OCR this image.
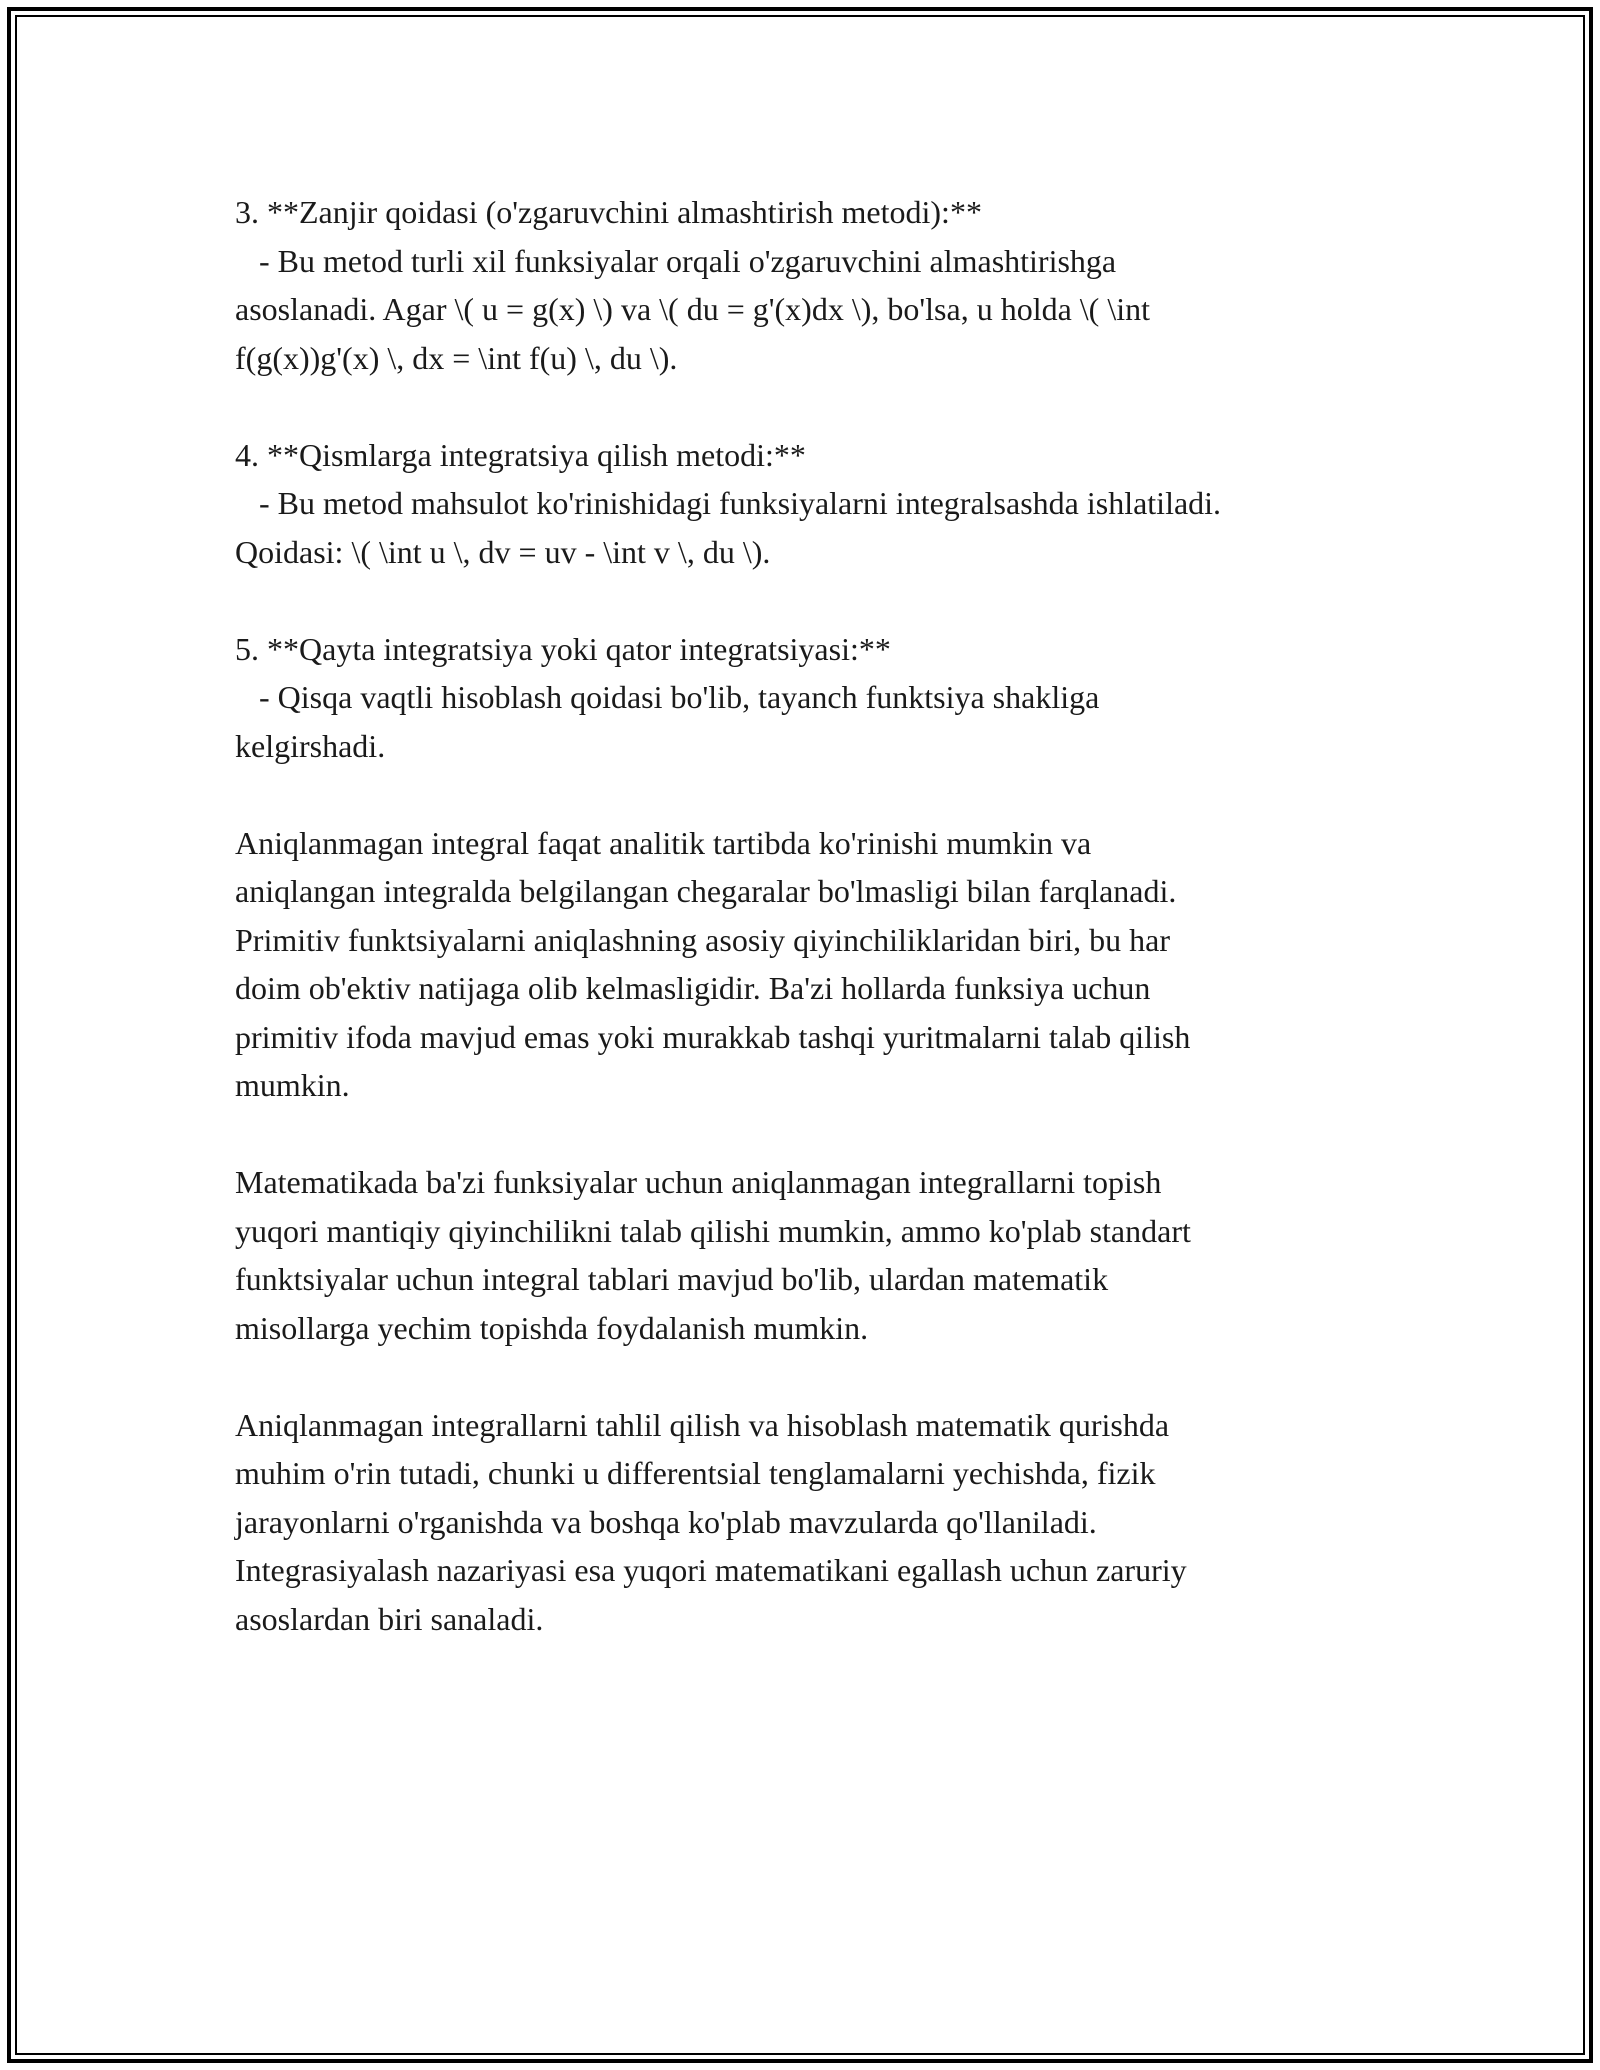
3. **Zanjir qoidasi (o'zgaruvchini almashtirish metodi):**
- Bu metod turli xil funksiyalar orqali o'zgaruvchini almashtirishga
asoslanadi. Agar \( u = g(x) \) va \( du = g'(x)dx \), bo'lsa, u holda \( \int
f(g(x))g'(x) \, dx = \int f(u) \, du \).
4. **Qismlarga integratsiya qilish metodi:**
- Bu metod mahsulot ko'rinishidagi funksiyalarni integralsashda ishlatiladi.
Qoidasi: \( \int u \, dv = uv - \int v \, du \).
5. **Qayta integratsiya yoki qator integratsiyasi:**
- Qisqa vaqtli hisoblash qoidasi bo'lib, tayanch funktsiya shakliga
kelgirshadi.
Aniqlanmagan integral faqat analitik tartibda ko'rinishi mumkin va
aniqlangan integralda belgilangan chegaralar bo'lmasligi bilan farqlanadi.
Primitiv funktsiyalarni aniqlashning asosiy qiyinchiliklaridan biri, bu har
doim ob'ektiv natijaga olib kelmasligidir. Ba'zi hollarda funksiya uchun
primitiv ifoda mavjud emas yoki murakkab tashqi yuritmalarni talab qilish
mumkin.
Matematikada ba'zi funksiyalar uchun aniqlanmagan integrallarni topish
yuqori mantiqiy qiyinchilikni talab qilishi mumkin, ammo ko'plab standart
funktsiyalar uchun integral tablari mavjud bo'lib, ulardan matematik
misollarga yechim topishda foydalanish mumkin.
Aniqlanmagan integrallarni tahlil qilish va hisoblash matematik qurishda
muhim o'rin tutadi, chunki u differentsial tenglamalarni yechishda, fizik
jarayonlarni o'rganishda va boshqa ko'plab mavzularda qo'llaniladi.
Integrasiyalash nazariyasi esa yuqori matematikani egallash uchun zaruriy
asoslardan biri sanaladi.
